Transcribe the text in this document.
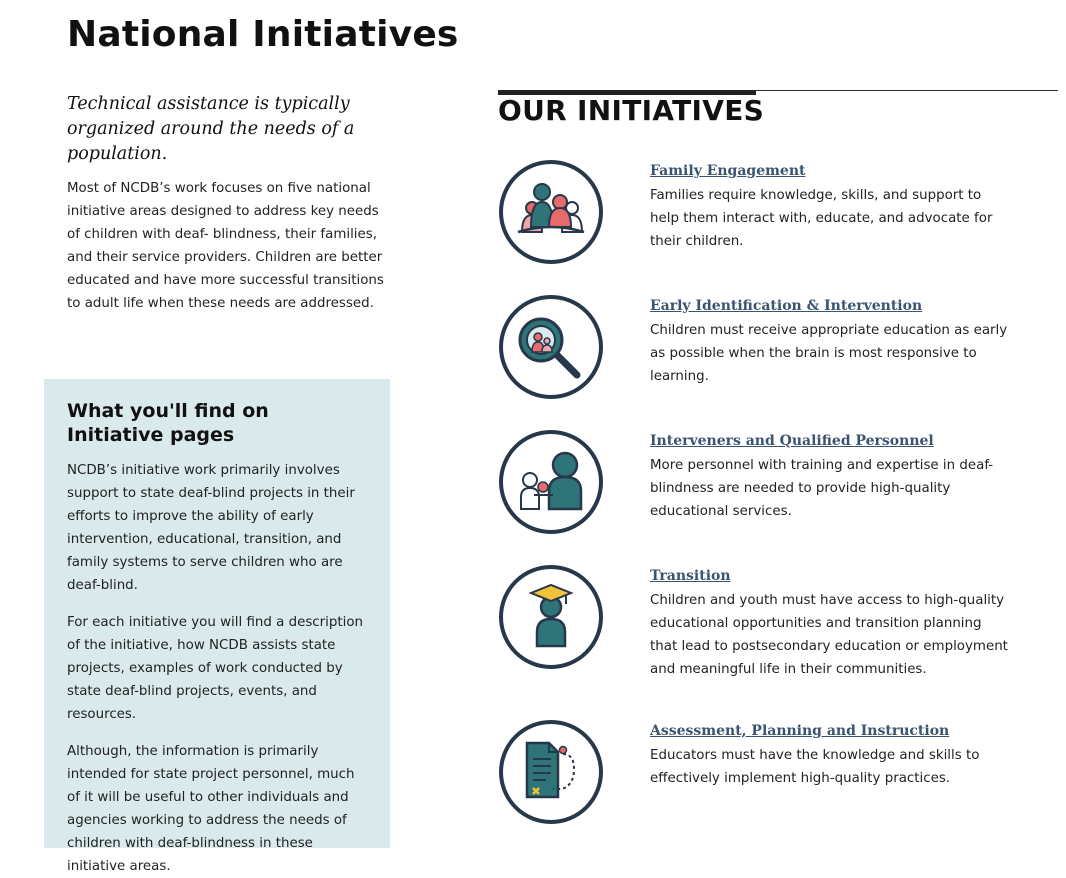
National Initiatives

Technical assistance is typically organized around the needs of a population.

Most of NCDB’s work focuses on five national initiative areas designed to address key needs of children with deaf- blindness, their families, and their service providers. Children are better educated and have more successful transitions to adult life when these needs are addressed.

What you'll find on Initiative pages

NCDB’s initiative work primarily involves support to state deaf-blind projects in their efforts to improve the ability of early intervention, educational, transition, and family systems to serve children who are deaf-blind.

For each initiative you will find a description of the initiative, how NCDB assists state projects, examples of work conducted by state deaf-blind projects, events, and resources.

Although, the information is primarily intended for state project personnel, much of it will be useful to other individuals and agencies working to address the needs of children with deaf-blindness in these initiative areas.

OUR INITIATIVES
Family Engagement

Families require knowledge, skills, and support to help them interact with, educate, and advocate for their children.

Early Identification & Intervention

Children must receive appropriate education as early as possible when the brain is most responsive to learning.

Interveners and Qualified Personnel

More personnel with training and expertise in deaf-blindness are needed to provide high-quality educational services.

Transition

Children and youth must have access to high-quality educational opportunities and transition planning that lead to postsecondary education or employment and meaningful life in their communities.

Assessment, Planning and Instruction

Educators must have the knowledge and skills to effectively implement high-quality practices.
